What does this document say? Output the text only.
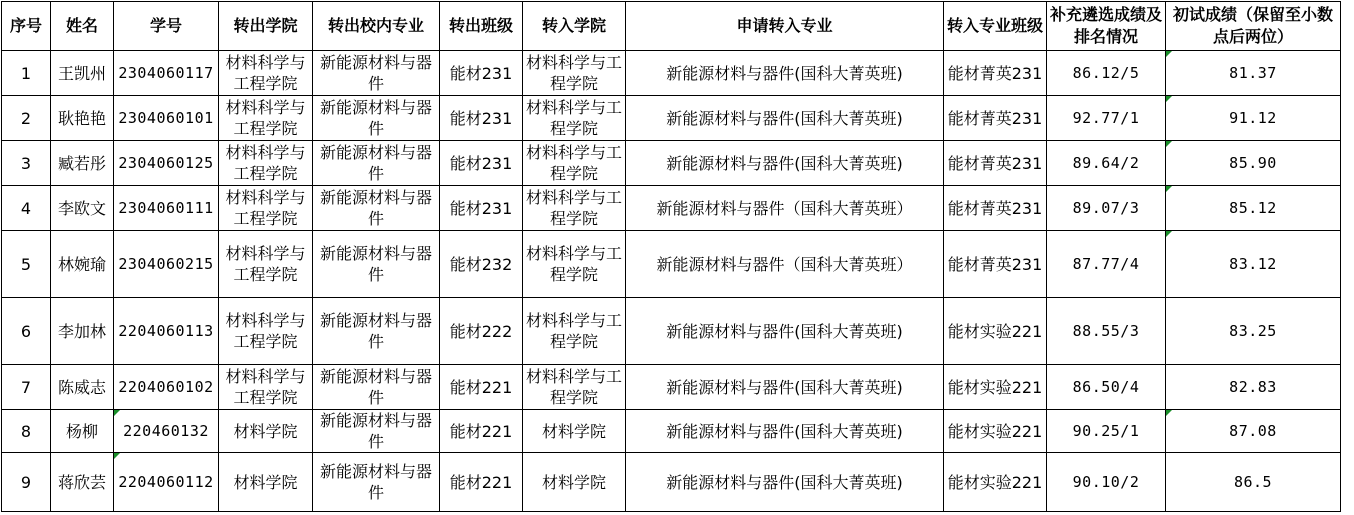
序号	姓名	学号	转出学院	转出校内专业	转出班级	转入学院	申请转入专业	转入专业班级	补充遴选成绩及排名情况	初试成绩（保留至小数点后两位）

1	王凯州	2304060117	材料科学与工程学院	新能源材料与器件	能材231	材料科学与工程学院	新能源材料与器件(国科大菁英班)	能材菁英231	86.12/5	81.37

2	耿艳艳	2304060101	材料科学与工程学院	新能源材料与器件	能材231	材料科学与工程学院	新能源材料与器件(国科大菁英班)	能材菁英231	92.77/1	91.12

3	臧若彤	2304060125	材料科学与工程学院	新能源材料与器件	能材231	材料科学与工程学院	新能源材料与器件(国科大菁英班)	能材菁英231	89.64/2	85.90

4	李欧文	2304060111	材料科学与工程学院	新能源材料与器件	能材231	材料科学与工程学院	新能源材料与器件（国科大菁英班）	能材菁英231	89.07/3	85.12

5	林婉瑜	2304060215	材料科学与工程学院	新能源材料与器件	能材232	材料科学与工程学院	新能源材料与器件（国科大菁英班）	能材菁英231	87.77/4	83.12

6	李加林	2204060113	材料科学与工程学院	新能源材料与器件	能材222	材料科学与工程学院	新能源材料与器件(国科大菁英班)	能材实验221	88.55/3	83.25

7	陈威志	2204060102	材料科学与工程学院	新能源材料与器件	能材221	材料科学与工程学院	新能源材料与器件(国科大菁英班)	能材实验221	86.50/4	82.83

8	杨柳	220460132	材料学院	新能源材料与器件	能材221	材料学院	新能源材料与器件(国科大菁英班)	能材实验221	90.25/1	87.08

9	蒋欣芸	2204060112	材料学院	新能源材料与器件	能材221	材料学院	新能源材料与器件(国科大菁英班)	能材实验221	90.10/2	86.5
